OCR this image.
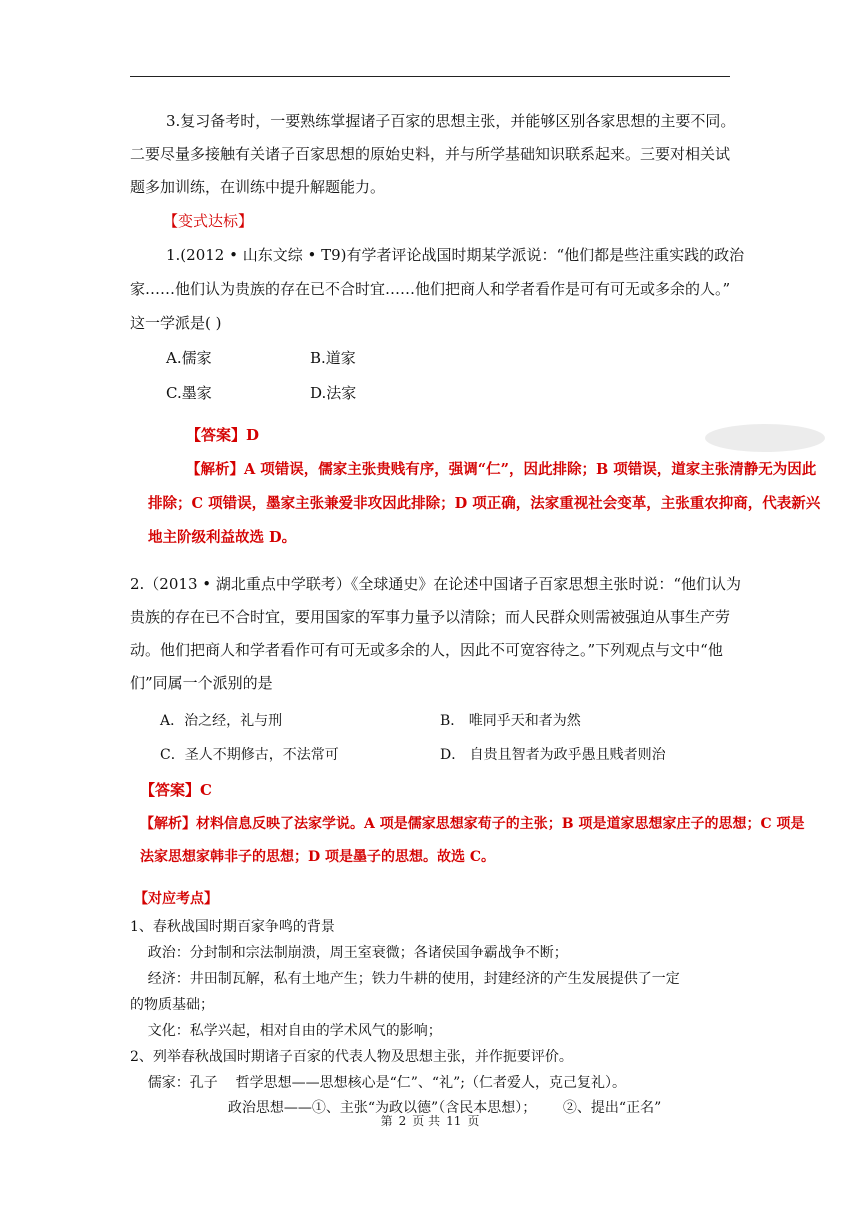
3.复习备考时，一要熟练掌握诸子百家的思想主张，并能够区别各家思想的主要不同。
二要尽量多接触有关诸子百家思想的原始史料，并与所学基础知识联系起来。三要对相关试
题多加训练，在训练中提升解题能力。
【变式达标】
1.(2012 • 山东文综 • T9)有学者评论战国时期某学派说：“他们都是些注重实践的政治
家……他们认为贵族的存在已不合时宜……他们把商人和学者看作是可有可无或多余的人。”
这一学派是( )
A.儒家	B.道家
C.墨家	D.法家
【答案】D
【解析】A 项错误，儒家主张贵贱有序，强调“仁”，因此排除；B 项错误，道家主张清静无为因此
排除；C 项错误，墨家主张兼爱非攻因此排除；D 项正确，法家重视社会变革，主张重农抑商，代表新兴
地主阶级利益故选 D。
2.（2013 • 湖北重点中学联考）《全球通史》在论述中国诸子百家思想主张时说：“他们认为
贵族的存在已不合时宜，要用国家的军事力量予以清除；而人民群众则需被强迫从事生产劳
动。他们把商人和学者看作可有可无或多余的人，因此不可宽容待之。”下列观点与文中“他
们”同属一个派别的是
A．治之经，礼与刑	B． 唯同乎天和者为然
C．圣人不期修古，不法常可	D． 自贵且智者为政乎愚且贱者则治
【答案】C
【解析】材料信息反映了法家学说。A 项是儒家思想家荀子的主张；B 项是道家思想家庄子的思想；C 项是
法家思想家韩非子的思想；D 项是墨子的思想。故选 C。
【对应考点】
1、春秋战国时期百家争鸣的背景
政治：分封制和宗法制崩溃，周王室衰微；各诸侯国争霸战争不断；
经济：井田制瓦解，私有土地产生；铁力牛耕的使用，封建经济的产生发展提供了一定
的物质基础；
文化：私学兴起，相对自由的学术风气的影响；
2、列举春秋战国时期诸子百家的代表人物及思想主张，并作扼要评价。
儒家：孔子    哲学思想——思想核心是“仁”、“礼”;（仁者爱人，克己复礼）。
政治思想——①、主张“为政以德”（含民本思想）；      ②、提出“正名”
第 2 页 共 11 页
